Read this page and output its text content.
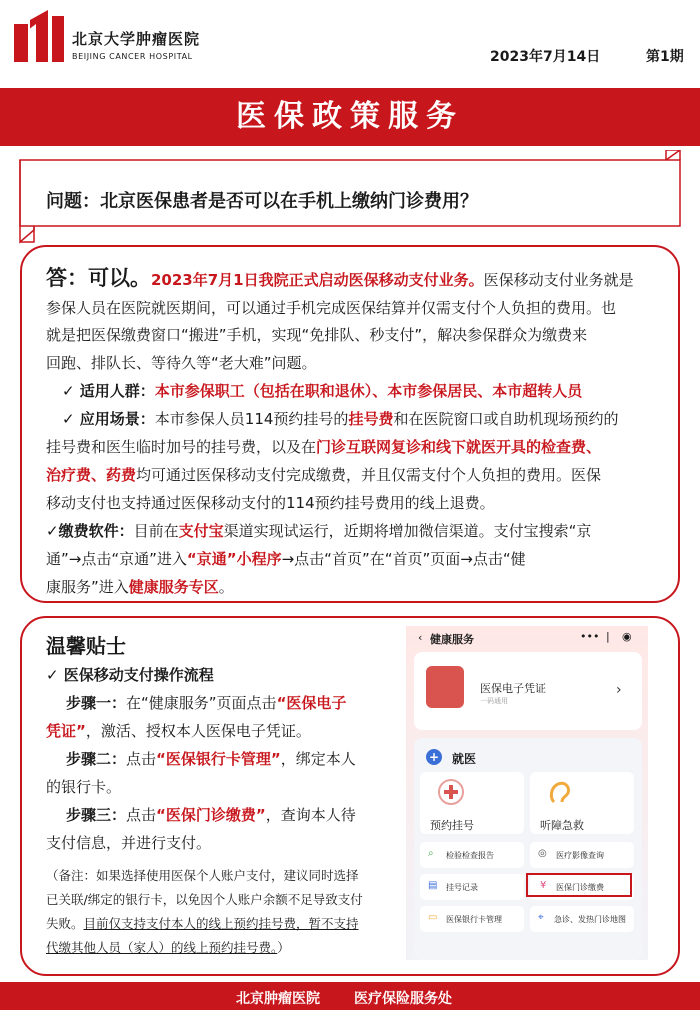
北京大学肿瘤医院
BEIJING CANCER HOSPITAL	2023年7月14日	第1期
医保政策服务
问题：北京医保患者是否可以在手机上缴纳门诊费用？
答：可以。2023年7月1日我院正式启动医保移动支付业务。医保移动支付业务就是
参保人员在医院就医期间，可以通过手机完成医保结算并仅需支付个人负担的费用。也
就是把医保缴费窗口“搬进”手机，实现“免排队、秒支付”，解决参保群众为缴费来
回跑、排队长、等待久等“老大难”问题。
✓ 适用人群：本市参保职工（包括在职和退休）、本市参保居民、本市超转人员
✓ 应用场景：本市参保人员114预约挂号的挂号费和在医院窗口或自助机现场预约的
挂号费和医生临时加号的挂号费，以及在门诊互联网复诊和线下就医开具的检查费、
治疗费、药费均可通过医保移动支付完成缴费，并且仅需支付个人负担的费用。医保
移动支付也支持通过医保移动支付的114预约挂号费用的线上退费。
✓缴费软件：目前在支付宝渠道实现试运行，近期将增加微信渠道。支付宝搜索“京
通”→点击“京通”进入“京通”小程序→点击“首页”在“首页”页面→点击“健
康服务”进入健康服务专区。
温馨贴士
✓ 医保移动支付操作流程
步骤一：在“健康服务”页面点击“医保电子
凭证”，激活、授权本人医保电子凭证。
步骤二：点击“医保银行卡管理”，绑定本人
的银行卡。
步骤三：点击“医保门诊缴费”，查询本人待
支付信息，并进行支付。
（备注：如果选择使用医保个人账户支付，建议同时选择
已关联/绑定的银行卡，以免因个人账户余额不足导致支付
失败。目前仅支持支付本人的线上预约挂号费，暂不支持
代缴其他人员（家人）的线上预约挂号费。）
‹ 健康服务	••• | ◉
医保电子凭证
一码通用
›
+ 就医
预约挂号	听障急救
⌕ 检验检查报告	◎ 医疗影像查询
▤ 挂号记录	¥ 医保门诊缴费
▭ 医保银行卡管理	⌖ 急诊、发热门诊地图
北京肿瘤医院 医疗保险服务处
